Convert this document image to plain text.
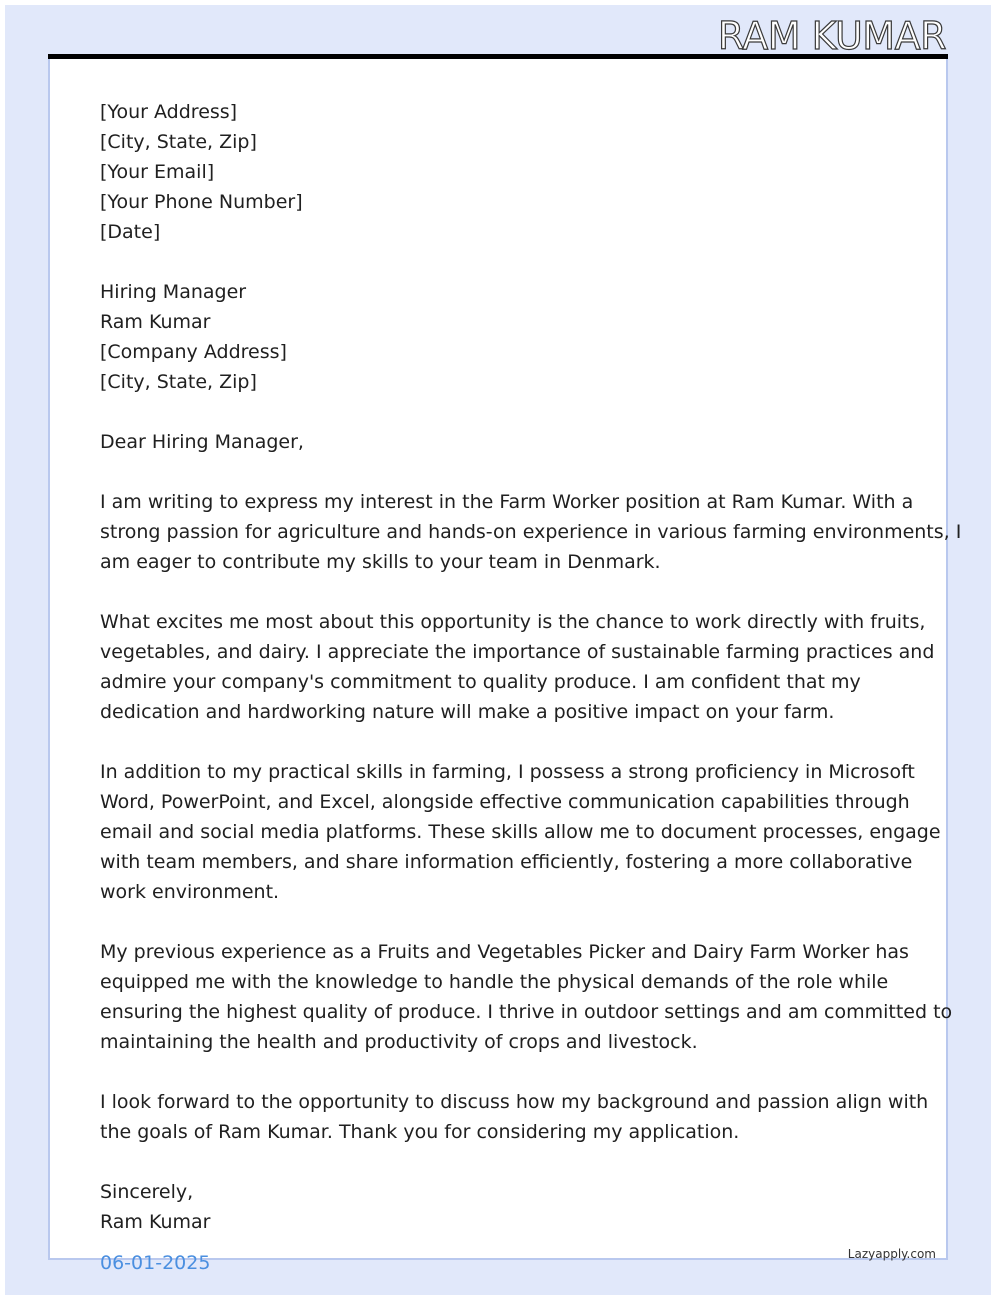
RAM KUMAR
[Your Address]
[City, State, Zip]
[Your Email]
[Your Phone Number]
[Date]
Hiring Manager
Ram Kumar
[Company Address]
[City, State, Zip]
Dear Hiring Manager,
I am writing to express my interest in the Farm Worker position at Ram Kumar. With a
strong passion for agriculture and hands-on experience in various farming environments, I
am eager to contribute my skills to your team in Denmark.
What excites me most about this opportunity is the chance to work directly with fruits,
vegetables, and dairy. I appreciate the importance of sustainable farming practices and
admire your company's commitment to quality produce. I am confident that my
dedication and hardworking nature will make a positive impact on your farm.
In addition to my practical skills in farming, I possess a strong proficiency in Microsoft
Word, PowerPoint, and Excel, alongside effective communication capabilities through
email and social media platforms. These skills allow me to document processes, engage
with team members, and share information efficiently, fostering a more collaborative
work environment.
My previous experience as a Fruits and Vegetables Picker and Dairy Farm Worker has
equipped me with the knowledge to handle the physical demands of the role while
ensuring the highest quality of produce. I thrive in outdoor settings and am committed to
maintaining the health and productivity of crops and livestock.
I look forward to the opportunity to discuss how my background and passion align with
the goals of Ram Kumar. Thank you for considering my application.
Sincerely,
Ram Kumar
06-01-2025	Lazyapply.com
